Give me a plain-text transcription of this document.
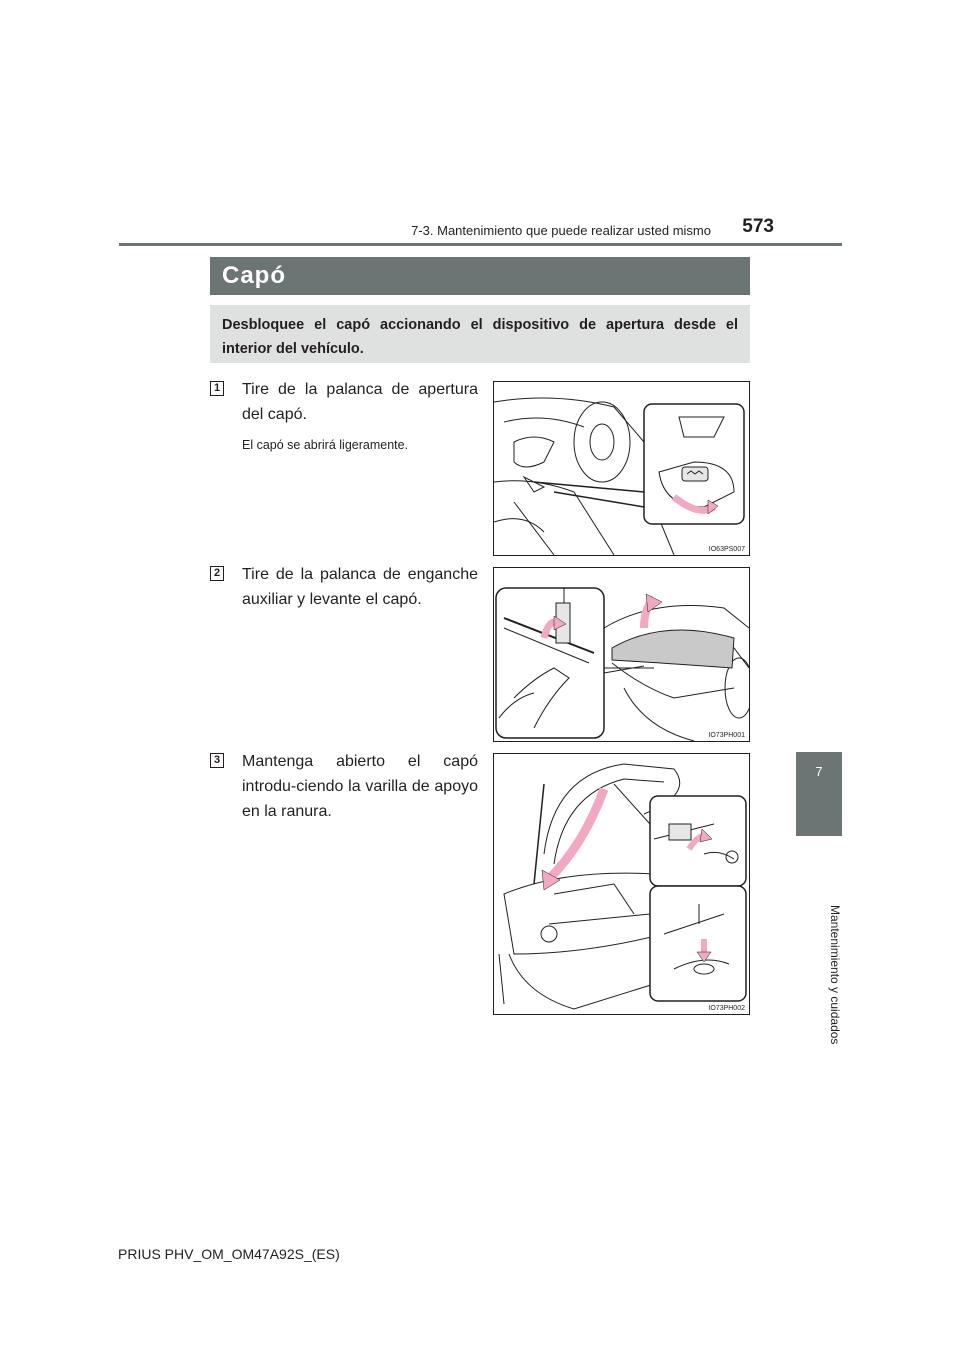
7-3. Mantenimiento que puede realizar usted mismo	573
7
Mantenimiento y cuidados
Capó
Desbloquee el capó accionando el dispositivo de apertura desde el interior del vehículo.
1 Tire de la palanca de apertura del capó.
El capó se abrirá ligeramente.
IO63PS007
2 Tire de la palanca de enganche auxiliar y levante el capó.
IO73PH001
3 Mantenga abierto el capó introdu-ciendo la varilla de apoyo en la ranura.
IO73PH002
PRIUS PHV_OM_OM47A92S_(ES)
